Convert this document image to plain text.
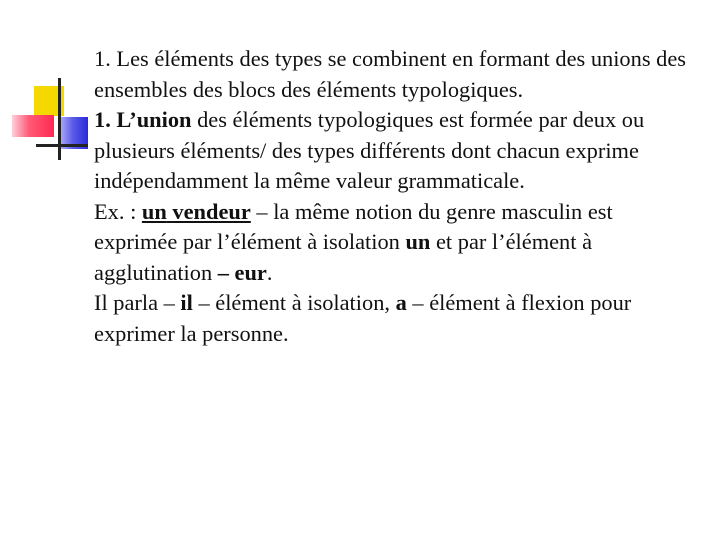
1. Les éléments des types se combinent en formant des unions des ensembles des blocs des éléments typologiques.

1. L’union des éléments typologiques est formée par deux ou plusieurs éléments/ des types différents dont chacun exprime indépendamment la même valeur grammaticale.

Ex. : un vendeur – la même notion du genre masculin est exprimée par l’élément à isolation un et par l’élément à agglutination – eur.

Il parla – il – élément à isolation, a – élément à flexion pour exprimer la personne.
